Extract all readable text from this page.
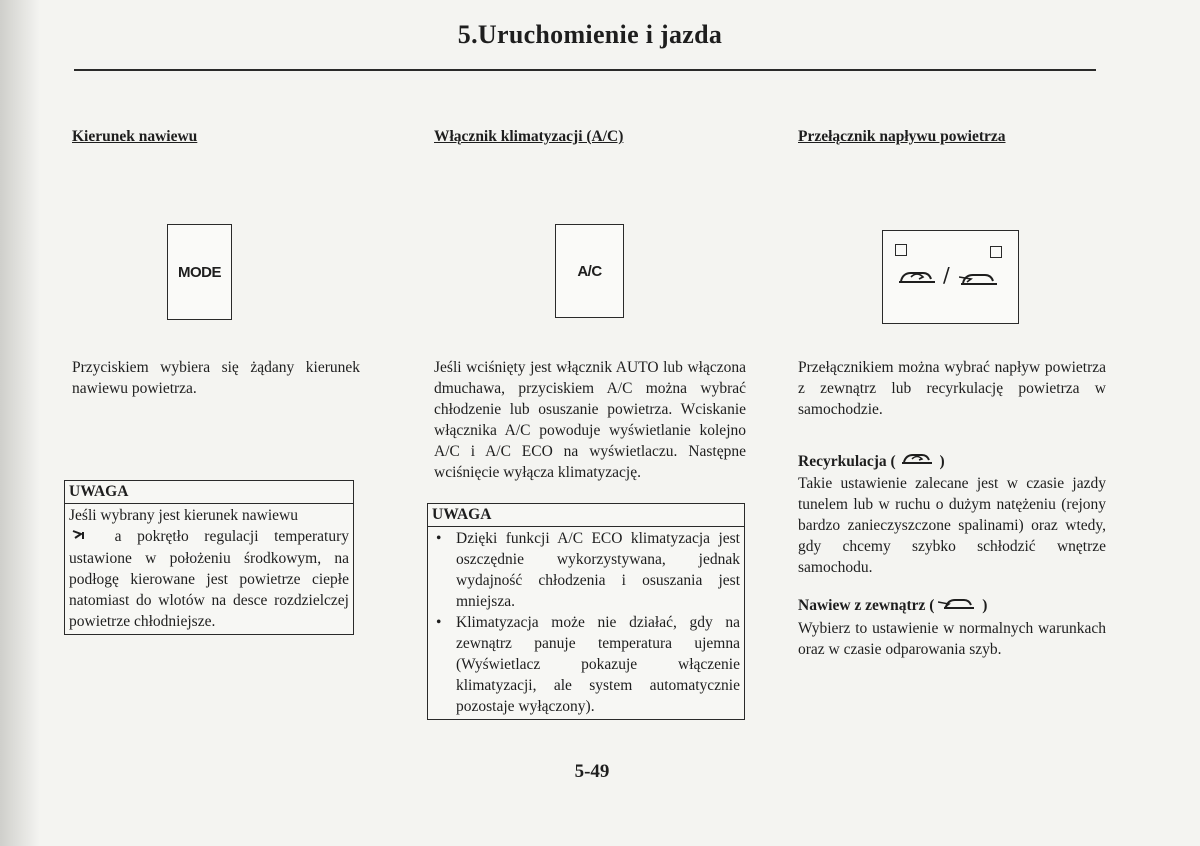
5.Uruchomienie i jazda
Kierunek nawiewu
MODE

Przyciskiem wybiera się żądany kierunek nawiewu powietrza.

UWAGA

Jeśli wybrany jest kierunek nawiewu

a pokrętło regulacji temperatury ustawione w położeniu środkowym, na podłogę kierowane jest powietrze ciepłe natomiast do wlotów na desce rozdzielczej powietrze chłodniejsze.

Włącznik klimatyzacji (A/C)
A/C

Jeśli wciśnięty jest włącznik AUTO lub włączona dmuchawa, przyciskiem A/C można wybrać chłodzenie lub osuszanie powietrza. Wciskanie włącznika A/C powoduje wyświetlanie kolejno A/C i A/C ECO na wyświetlaczu. Następne wciśnięcie wyłącza klimatyzację.

UWAGA
• Dzięki funkcji A/C ECO klimatyzacja jest oszczędnie wykorzystywana, jednak wydajność chłodzenia i osuszania jest mniejsza.
• Klimatyzacja może nie działać, gdy na zewnątrz panuje temperatura ujemna (Wyświetlacz pokazuje włączenie klimatyzacji, ale system automatycznie pozostaje wyłączony).
Przełącznik napływu powietrza
/

Przełącznikiem można wybrać napływ powietrza z zewnątrz lub recyrkulację powietrza w samochodzie.

Recyrkulacja (	)

Takie ustawienie zalecane jest w czasie jazdy tunelem lub w ruchu o dużym natężeniu (rejony bardzo zanieczyszczone spalinami) oraz wtedy, gdy chcemy szybko schłodzić wnętrze samochodu.

Nawiew z zewnątrz (	)

Wybierz to ustawienie w normalnych warunkach oraz w czasie odparowania szyb.

5-49
